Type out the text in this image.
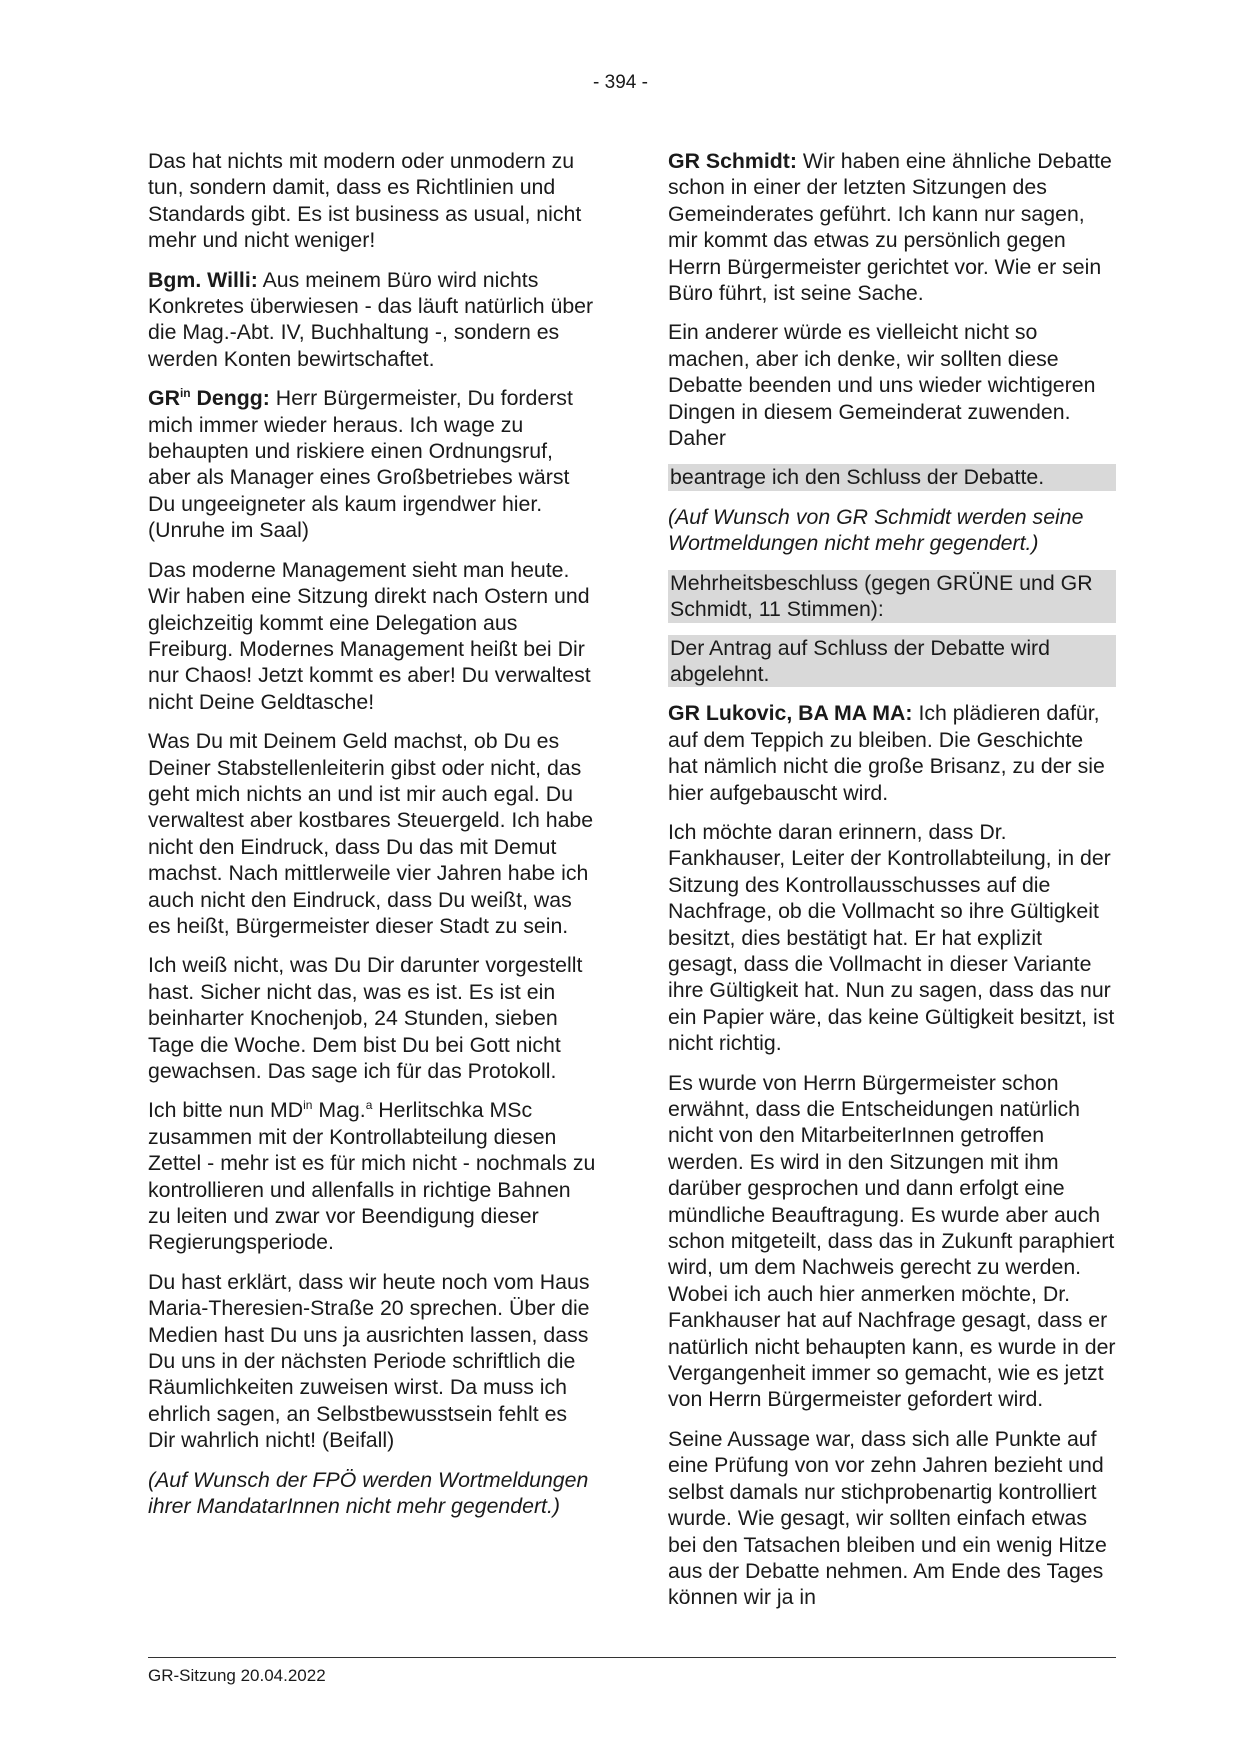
- 394 -

Das hat nichts mit modern oder unmodern zu tun, sondern damit, dass es Richtlinien und Standards gibt. Es ist business as usual, nicht mehr und nicht weniger!

Bgm. Willi: Aus meinem Büro wird nichts Konkretes überwiesen - das läuft natürlich über die Mag.-Abt. IV, Buchhaltung -, sondern es werden Konten bewirtschaftet.

$GR^{in}$ Dengg: Herr Bürgermeister, Du forderst mich immer wieder heraus. Ich wage zu behaupten und riskiere einen Ordnungsruf, aber als Manager eines Großbetriebes wärst Du ungeeigneter als kaum irgendwer hier. (Unruhe im Saal)

Das moderne Management sieht man heute. Wir haben eine Sitzung direkt nach Ostern und gleichzeitig kommt eine Delegation aus Freiburg. Modernes Management heißt bei Dir nur Chaos! Jetzt kommt es aber! Du verwaltest nicht Deine Geldtasche!

Was Du mit Deinem Geld machst, ob Du es Deiner Stabstellenleiterin gibst oder nicht, das geht mich nichts an und ist mir auch egal. Du verwaltest aber kostbares Steuergeld. Ich habe nicht den Eindruck, dass Du das mit Demut machst. Nach mittlerweile vier Jahren habe ich auch nicht den Eindruck, dass Du weißt, was es heißt, Bürgermeister dieser Stadt zu sein.

Ich weiß nicht, was Du Dir darunter vorgestellt hast. Sicher nicht das, was es ist. Es ist ein beinharter Knochenjob, 24 Stunden, sieben Tage die Woche. Dem bist Du bei Gott nicht gewachsen. Das sage ich für das Protokoll.

Ich bitte nun $MD^{in}$ Mag.$^a$ Herlitschka MSc zusammen mit der Kontrollabteilung diesen Zettel - mehr ist es für mich nicht - nochmals zu kontrollieren und allenfalls in richtige Bahnen zu leiten und zwar vor Beendigung dieser Regierungsperiode.

Du hast erklärt, dass wir heute noch vom Haus Maria-Theresien-Straße 20 sprechen. Über die Medien hast Du uns ja ausrichten lassen, dass Du uns in der nächsten Periode schriftlich die Räumlichkeiten zuweisen wirst. Da muss ich ehrlich sagen, an Selbstbewusstsein fehlt es Dir wahrlich nicht! (Beifall)

(Auf Wunsch der FPÖ werden Wortmeldungen ihrer MandatarInnen nicht mehr gegendert.)

GR Schmidt: Wir haben eine ähnliche Debatte schon in einer der letzten Sitzungen des Gemeinderates geführt. Ich kann nur sagen, mir kommt das etwas zu persönlich gegen Herrn Bürgermeister gerichtet vor. Wie er sein Büro führt, ist seine Sache.

Ein anderer würde es vielleicht nicht so machen, aber ich denke, wir sollten diese Debatte beenden und uns wieder wichtigeren Dingen in diesem Gemeinderat zuwenden. Daher

beantrage ich den Schluss der Debatte.

(Auf Wunsch von GR Schmidt werden seine Wortmeldungen nicht mehr gegendert.)

Mehrheitsbeschluss (gegen GRÜNE und GR Schmidt, 11 Stimmen):

Der Antrag auf Schluss der Debatte wird abgelehnt.

GR Lukovic, BA MA MA: Ich plädieren dafür, auf dem Teppich zu bleiben. Die Geschichte hat nämlich nicht die große Brisanz, zu der sie hier aufgebauscht wird.

Ich möchte daran erinnern, dass Dr. Fankhauser, Leiter der Kontrollabteilung, in der Sitzung des Kontrollausschusses auf die Nachfrage, ob die Vollmacht so ihre Gültigkeit besitzt, dies bestätigt hat. Er hat explizit gesagt, dass die Vollmacht in dieser Variante ihre Gültigkeit hat. Nun zu sagen, dass das nur ein Papier wäre, das keine Gültigkeit besitzt, ist nicht richtig.

Es wurde von Herrn Bürgermeister schon erwähnt, dass die Entscheidungen natürlich nicht von den MitarbeiterInnen getroffen werden. Es wird in den Sitzungen mit ihm darüber gesprochen und dann erfolgt eine mündliche Beauftragung. Es wurde aber auch schon mitgeteilt, dass das in Zukunft paraphiert wird, um dem Nachweis gerecht zu werden. Wobei ich auch hier anmerken möchte, Dr. Fankhauser hat auf Nachfrage gesagt, dass er natürlich nicht behaupten kann, es wurde in der Vergangenheit immer so gemacht, wie es jetzt von Herrn Bürgermeister gefordert wird.

Seine Aussage war, dass sich alle Punkte auf eine Prüfung von vor zehn Jahren bezieht und selbst damals nur stichprobenartig kontrolliert wurde. Wie gesagt, wir sollten einfach etwas bei den Tatsachen bleiben und ein wenig Hitze aus der Debatte nehmen. Am Ende des Tages können wir ja in

GR-Sitzung 20.04.2022
